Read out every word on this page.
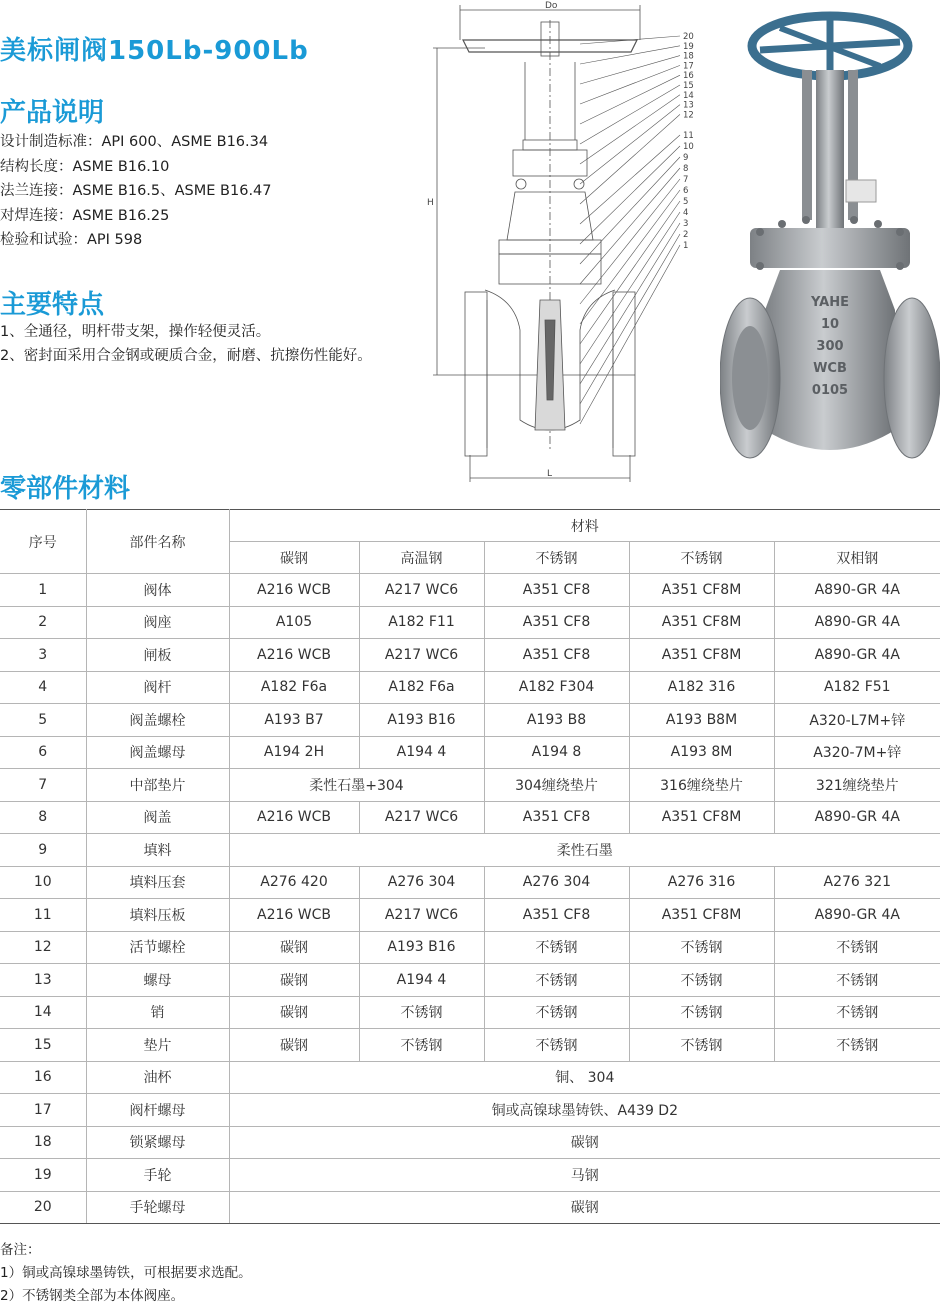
美标闸阀150Lb-900Lb
产品说明
设计制造标准：API 600、ASME B16.34
结构长度：ASME B16.10
法兰连接：ASME B16.5、ASME B16.47
对焊连接：ASME B16.25
检验和试验：API 598
主要特点
1、全通径，明杆带支架，操作轻便灵活。
2、密封面采用合金钢或硬质合金，耐磨、抗擦伤性能好。
Do
H
L
20
19
18
17
16
15
14
13
12
11
10
9
8
7
6
5
4
3
2
1
YAHE
10
300
WCB
0105
零部件材料
序号	部件名称	材料				
		碳钢	高温钢	不锈钢	不锈钢	双相钢
1	阀体	A216 WCB	A217 WC6	A351 CF8	A351 CF8M	A890-GR 4A
2	阀座	A105	A182 F11	A351 CF8	A351 CF8M	A890-GR 4A
3	闸板	A216 WCB	A217 WC6	A351 CF8	A351 CF8M	A890-GR 4A
4	阀杆	A182 F6a	A182 F6a	A182 F304	A182 316	A182 F51
5	阀盖螺栓	A193 B7	A193 B16	A193 B8	A193 B8M	A320-L7M+锌
6	阀盖螺母	A194 2H	A194 4	A194 8	A193 8M	A320-7M+锌
7	中部垫片	柔性石墨+304		304缠绕垫片	316缠绕垫片	321缠绕垫片
8	阀盖	A216 WCB	A217 WC6	A351 CF8	A351 CF8M	A890-GR 4A
9	填料	柔性石墨				
10	填料压套	A276 420	A276 304	A276 304	A276 316	A276 321
11	填料压板	A216 WCB	A217 WC6	A351 CF8	A351 CF8M	A890-GR 4A
12	活节螺栓	碳钢	A193 B16	不锈钢	不锈钢	不锈钢
13	螺母	碳钢	A194 4	不锈钢	不锈钢	不锈钢
14	销	碳钢	不锈钢	不锈钢	不锈钢	不锈钢
15	垫片	碳钢	不锈钢	不锈钢	不锈钢	不锈钢
16	油杯	铜、 304				
17	阀杆螺母	铜或高镍球墨铸铁、A439 D2				
18	锁紧螺母	碳钢				
19	手轮	马钢				
20	手轮螺母	碳钢				
备注：
1）铜或高镍球墨铸铁，可根据要求选配。
2）不锈钢类全部为本体阀座。
